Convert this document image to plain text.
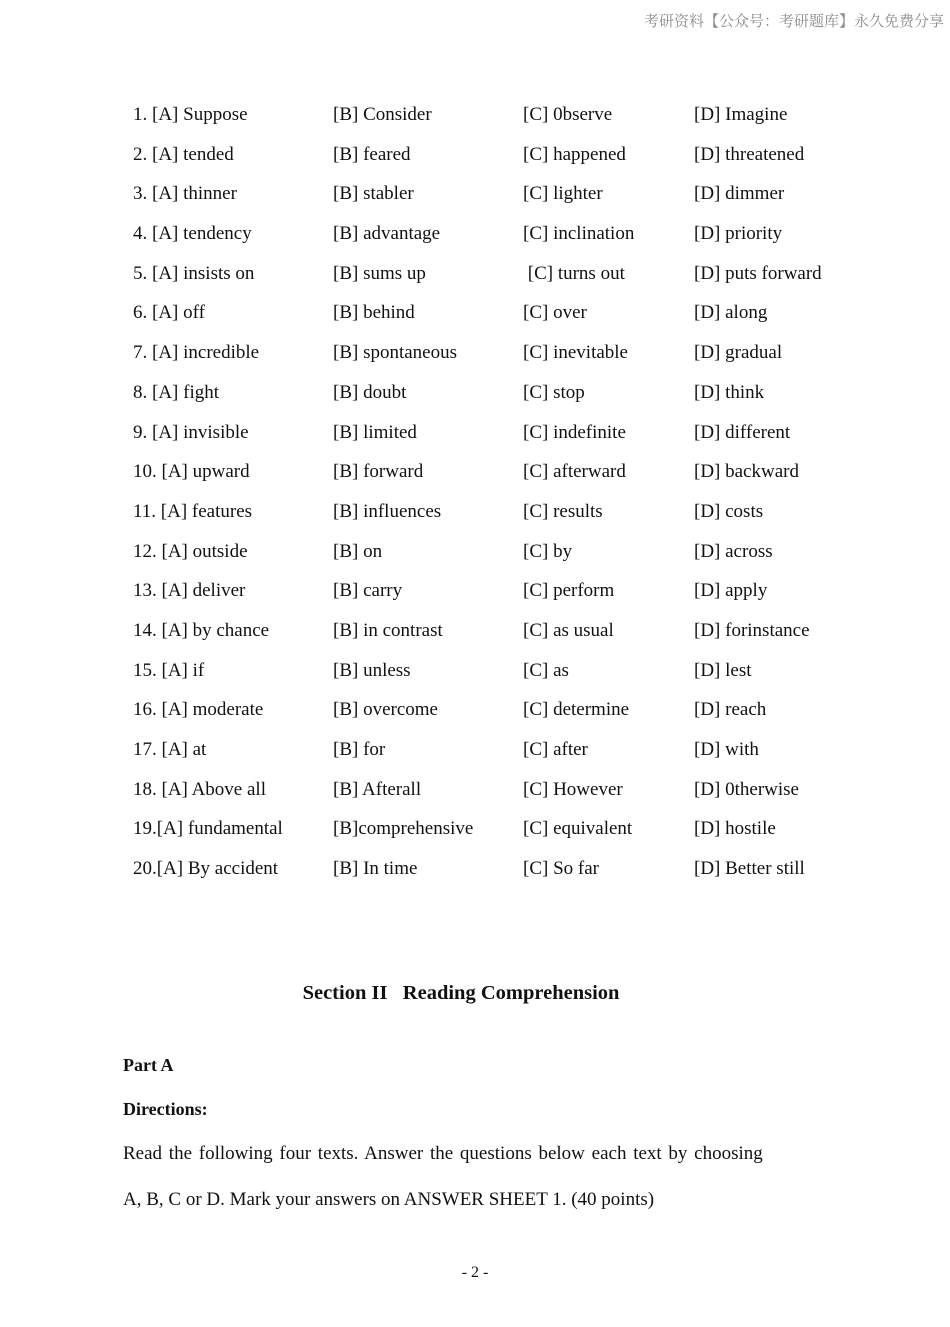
考研资料【公众号：考研题库】永久免费分享
1. [A] Suppose	[B] Consider	[C] 0bserve	[D] Imagine
2. [A] tended	[B] feared	[C] happened	[D] threatened
3. [A] thinner	[B] stabler	[C] lighter	[D] dimmer
4. [A] tendency	[B] advantage	[C] inclination	[D] priority
5. [A] insists on	[B] sums up	[C] turns out	[D] puts forward
6. [A] off	[B] behind	[C] over	[D] along
7. [A] incredible	[B] spontaneous	[C] inevitable	[D] gradual
8. [A] fight	[B] doubt	[C] stop	[D] think
9. [A] invisible	[B] limited	[C] indefinite	[D] different
10. [A] upward	[B] forward	[C] afterward	[D] backward
11. [A] features	[B] influences	[C] results	[D] costs
12. [A] outside	[B] on	[C] by	[D] across
13. [A] deliver	[B] carry	[C] perform	[D] apply
14. [A] by chance	[B] in contrast	[C] as usual	[D] forinstance
15. [A] if	[B] unless	[C] as	[D] lest
16. [A] moderate	[B] overcome	[C] determine	[D] reach
17. [A] at	[B] for	[C] after	[D] with
18. [A] Above all	[B] Afterall	[C] However	[D] 0therwise
19.[A] fundamental	[B]comprehensive	[C] equivalent	[D] hostile
20.[A] By accident	[B] In time	[C] So far	[D] Better still
Section II   Reading Comprehension
Part A
Directions:
Read the following four texts. Answer the questions below each text by choosing
A, B, C or D. Mark your answers on ANSWER SHEET 1. (40 points)
- 2 -
